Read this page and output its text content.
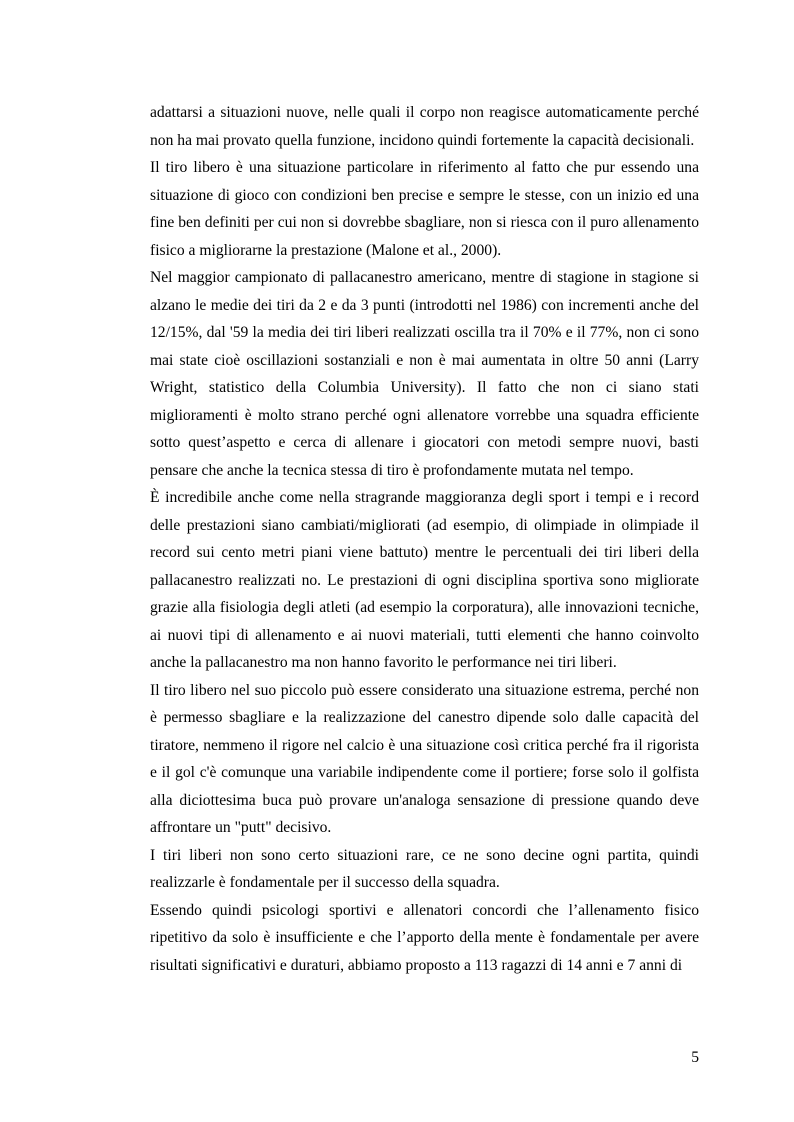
adattarsi a situazioni nuove, nelle quali il corpo non reagisce automaticamente perché non ha mai provato quella funzione, incidono quindi fortemente la capacità decisionali.

Il tiro libero è una situazione particolare in riferimento al fatto che pur essendo una situazione di gioco con condizioni ben precise e sempre le stesse, con un inizio ed una fine ben definiti per cui non si dovrebbe sbagliare, non si riesca con il puro allenamento fisico a migliorarne la prestazione (Malone et al., 2000).

Nel maggior campionato di pallacanestro americano, mentre di stagione in stagione si alzano le medie dei tiri da 2 e da 3 punti (introdotti nel 1986) con incrementi anche del 12/15%, dal '59 la media dei tiri liberi realizzati oscilla tra il 70% e il 77%, non ci sono mai state cioè oscillazioni sostanziali e non è mai aumentata in oltre 50 anni (Larry Wright, statistico della Columbia University). Il fatto che non ci siano stati miglioramenti è molto strano perché ogni allenatore vorrebbe una squadra efficiente sotto quest’aspetto e cerca di allenare i giocatori con metodi sempre nuovi, basti pensare che anche la tecnica stessa di tiro è profondamente mutata nel tempo.

È incredibile anche come nella stragrande maggioranza degli sport i tempi e i record delle prestazioni siano cambiati/migliorati (ad esempio, di olimpiade in olimpiade il record sui cento metri piani viene battuto) mentre le percentuali dei tiri liberi della pallacanestro realizzati no. Le prestazioni di ogni disciplina sportiva sono migliorate grazie alla fisiologia degli atleti (ad esempio la corporatura), alle innovazioni tecniche, ai nuovi tipi di allenamento e ai nuovi materiali, tutti elementi che hanno coinvolto anche la pallacanestro ma non hanno favorito le performance nei tiri liberi.

Il tiro libero nel suo piccolo può essere considerato una situazione estrema, perché non è permesso sbagliare e la realizzazione del canestro dipende solo dalle capacità del tiratore, nemmeno il rigore nel calcio è una situazione così critica perché fra il rigorista e il gol c'è comunque una variabile indipendente come il portiere; forse solo il golfista alla diciottesima buca può provare un'analoga sensazione di pressione quando deve affrontare un "putt" decisivo.

I tiri liberi non sono certo situazioni rare, ce ne sono decine ogni partita, quindi realizzarle è fondamentale per il successo della squadra.

Essendo quindi psicologi sportivi e allenatori concordi che l’allenamento fisico ripetitivo da solo è insufficiente e che l’apporto della mente è fondamentale per avere risultati significativi e duraturi, abbiamo proposto a 113 ragazzi di 14 anni e 7 anni di

5
